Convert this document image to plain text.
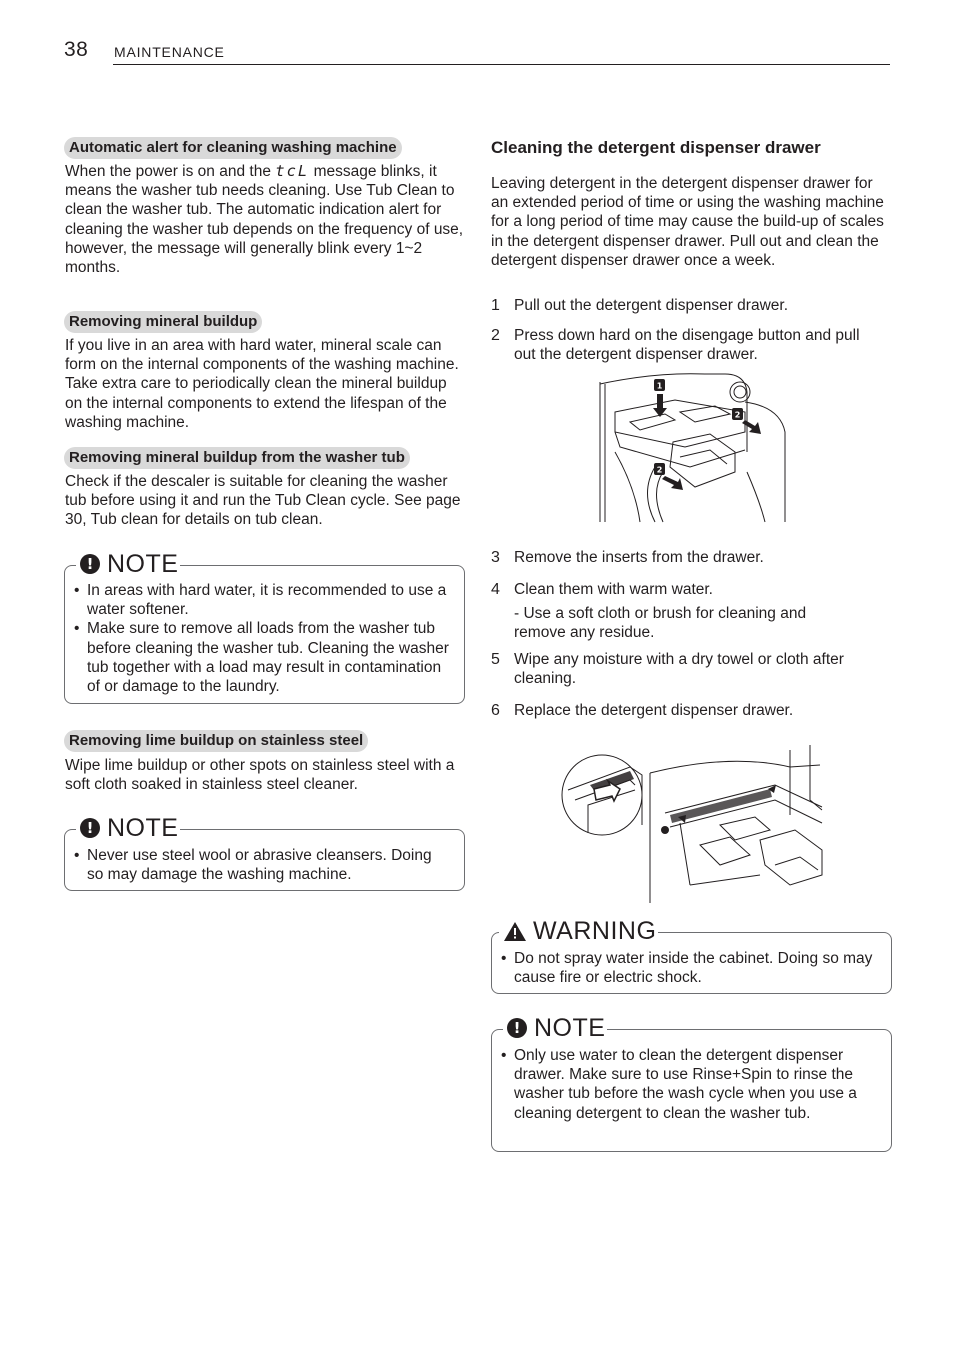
38 MAINTENANCE
Automatic alert for cleaning washing machine
When the power is on and the tcL message blinks, it means the washer tub needs cleaning. Use Tub Clean to clean the washer tub. The automatic indication alert for cleaning the washer tub depends on the frequency of use, however, the message will generally blink every 1~2 months.
Removing mineral buildup
If you live in an area with hard water, mineral scale can form on the internal components of the washing machine. Take extra care to periodically clean the mineral buildup on the internal components to extend the lifespan of the washing machine.
Removing mineral buildup from the washer tub
Check if the descaler is suitable for cleaning the washer tub before using it and run the Tub Clean cycle. See page 30, Tub clean for details on tub clean.
! NOTE
• In areas with hard water, it is recommended to use a water softener.
• Make sure to remove all loads from the washer tub before cleaning the washer tub. Cleaning the washer tub together with a load may result in contamination of or damage to the laundry.
Removing lime buildup on stainless steel
Wipe lime buildup or other spots on stainless steel with a soft cloth soaked in stainless steel cleaner.
! NOTE
• Never use steel wool or abrasive cleansers. Doing so may damage the washing machine.
Cleaning the detergent dispenser drawer
Leaving detergent in the detergent dispenser drawer for an extended period of time or using the washing machine for a long period of time may cause the build-up of scales in the detergent dispenser drawer. Pull out and clean the detergent dispenser drawer once a week.
1 Pull out the detergent dispenser drawer.
2 Press down hard on the disengage button and pull out the detergent dispenser drawer.
1
2
2
3 Remove the inserts from the drawer.
4 Clean them with warm water.
- Use a soft cloth or brush for cleaning and remove any residue.
5 Wipe any moisture with a dry towel or cloth after cleaning.
6 Replace the detergent dispenser drawer.
WARNING
• Do not spray water inside the cabinet. Doing so may cause fire or electric shock.
! NOTE
• Only use water to clean the detergent dispenser drawer. Make sure to use Rinse+Spin to rinse the washer tub before the wash cycle when you use a cleaning detergent to clean the washer tub.
